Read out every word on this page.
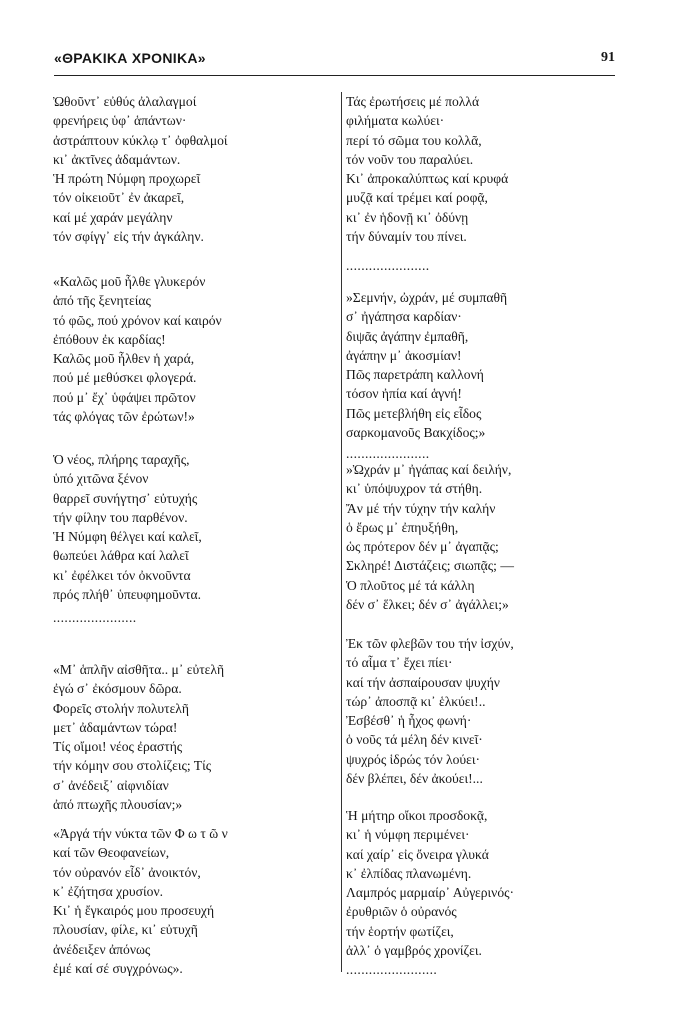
«ΘΡΑΚΙΚΑ ΧΡΟΝΙΚΑ»	91
Ὠθοῦντ᾽ εὐθύς ἀλαλαγμοί
φρενήρεις ὑφ᾽ ἁπάντων·
ἀστράπτουν κύκλῳ τ᾽ ὀφθαλμοί
κι᾽ ἀκτῖνες ἀδαμάντων.
Ἡ πρώτη Νύμφη προχωρεῖ
τόν οἰκειοῦτ᾽ ἐν ἀκαρεῖ,
καί μέ χαράν μεγάλην
τόν σφίγγ᾽ εἰς τήν ἀγκάλην.
«Καλῶς μοῦ ἦλθε γλυκερόν
ἀπό τῆς ξενητείας
τό φῶς, πού χρόνον καί καιρόν
ἐπόθουν ἐκ καρδίας!
Καλῶς μοῦ ἦλθεν ἡ χαρά,
πού μέ μεθύσκει φλογερά.
πού μ᾽ ἔχ᾽ ὑφάψει πρῶτον
τάς φλόγας τῶν ἐρώτων!»
Ὁ νέος, πλήρης ταραχῆς,
ὑπό χιτῶνα ξένον
θαρρεῖ συνήγτησ᾽ εὐτυχής
τήν φίλην του παρθένον.
Ἡ Νύμφη θέλγει καί καλεῖ,
θωπεύει λάθρα καί λαλεῖ
κι᾽ ἐφέλκει τόν ὀκνοῦντα
πρός πλήθ᾽ ὑπευφημοῦντα.
......................
«Μ᾽ ἁπλῆν αἰσθῆτα.. μ᾽ εὐτελῆ
ἐγώ σ᾽ ἐκόσμουν δῶρα.
Φορεῖς στολήν πολυτελῆ
μετ᾽ ἀδαμάντων τώρα!
Τίς οἴμοι! νέος ἐραστής
τήν κόμην σου στολίζεις; Τίς
σ᾽ ἀνέδειξ᾽ αἰφνιδίαν
ἀπό πτωχῆς πλουσίαν;»
«Ἀργά τήν νύκτα τῶν Φ ω τ ῶ ν
καί τῶν Θεοφανείων,
τόν οὐρανόν εἶδ᾽ ἀνοικτόν,
κ᾽ ἐζήτησα χρυσίον.
Κι᾽ ἡ ἔγκαιρός μου προσευχή
πλουσίαν, φίλε, κι᾽ εὐτυχῆ
ἀνέδειξεν ἀπόνως
ἐμέ καί σέ συγχρόνως».
Τάς ἐρωτήσεις μέ πολλά
φιλήματα κωλύει·
περί τό σῶμα του κολλᾶ,
τόν νοῦν του παραλύει.
Κι᾽ ἀπροκαλύπτως καί κρυφά
μυζᾷ καί τρέμει καί ροφᾷ,
κι᾽ ἐν ἡδονῇ κι᾽ ὀδύνῃ
τήν δύναμίν του πίνει.
......................
»Σεμνήν, ὠχράν, μέ συμπαθῆ
σ᾽ ἠγάπησα καρδίαν·
διψᾶς ἀγάπην ἐμπαθῆ,
ἀγάπην μ᾽ ἀκοσμίαν!
Πῶς παρετράπη καλλονή
τόσον ἠπία καί ἁγνή!
Πῶς μετεβλήθη εἰς εἶδος
σαρκομανοῦς Βακχίδος;»
......................
»Ὠχράν μ᾽ ἠγάπας καί δειλήν,
κι᾽ ὑπόψυχρον τά στήθη.
Ἄν μέ τήν τύχην τήν καλήν
ὁ ἔρως μ᾽ ἐπηυξήθη,
ὡς πρότερον δέν μ᾽ ἀγαπᾷς;
Σκληρέ! Διστάζεις; σιωπᾷς; —
Ὁ πλοῦτος μέ τά κάλλη
δέν σ᾽ ἕλκει; δέν σ᾽ ἀγάλλει;»
Ἐκ τῶν φλεβῶν του τήν ἰσχύν,
τό αἷμα τ᾽ ἔχει πίει·
καί τήν ἀσπαίρουσαν ψυχήν
τώρ᾽ ἀποσπᾷ κι᾽ ἑλκύει!..
Ἐσβέσθ᾽ ἡ ἦχος φωνή·
ὁ νοῦς τά μέλη δέν κινεῖ·
ψυχρός ἱδρώς τόν λούει·
δέν βλέπει, δέν ἀκούει!...
Ἡ μήτηρ οἴκοι προσδοκᾷ,
κι᾽ ἡ νύμφη περιμένει·
καί χαίρ᾽ εἰς ὄνειρα γλυκά
κ᾽ ἐλπίδας πλανωμένη.
Λαμπρός μαρμαίρ᾽ Αὐγερινός·
ἐρυθριῶν ὁ οὐρανός
τήν ἑορτήν φωτίζει,
ἀλλ᾽ ὁ γαμβρός χρονίζει.
........................
